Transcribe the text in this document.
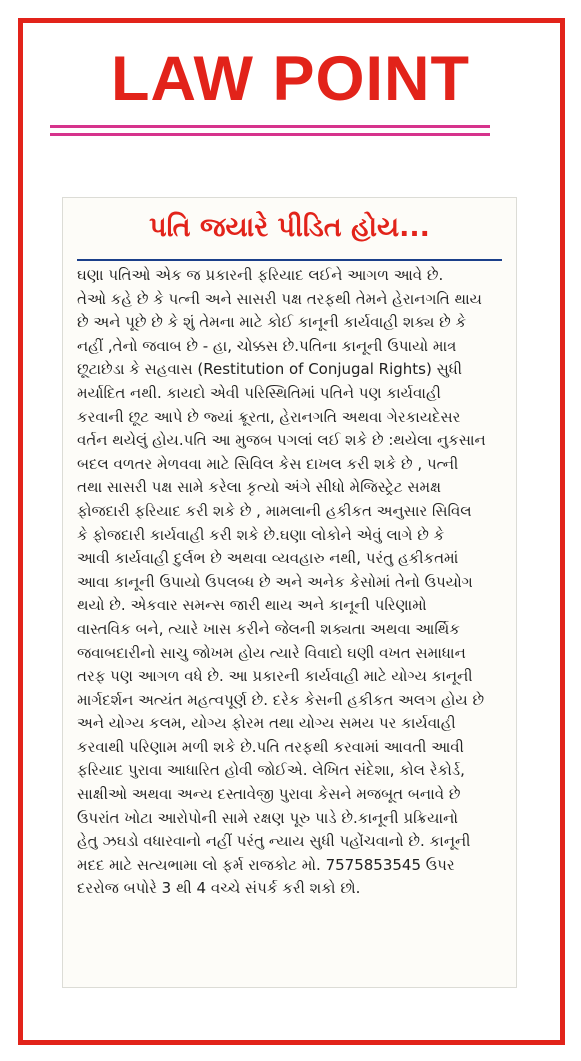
LAW POINT
પતિ જયારે પીડિત હોય...
ઘણા પતિઓ એક જ પ્રકારની ફરિયાદ લઈને આગળ આવે છે.
તેઓ કહે છે કે પત્ની અને સાસરી પક્ષ તરફથી તેમને હેરાનગતિ થાય
છે અને પૂછે છે કે શું તેમના માટે કોઈ કાનૂની કાર્યવાહી શક્ય છે કે
નહીં ,તેનો જવાબ છે - હા, ચોક્કસ છે.પતિના કાનૂની ઉપાયો માત્ર
છૂટાછેડા કે સહવાસ (Restitution of Conjugal Rights) સુધી
મર્યાદિત નથી. કાયદો એવી પરિસ્થિતિમાં પતિને પણ કાર્યવાહી
કરવાની છૂટ આપે છે જ્યાં ક્રૂરતા, હેરાનગતિ અથવા ગેરકાયદેસર
વર્તન થયેલું હોય.પતિ આ મુજબ પગલાં લઈ શકે છે :થયેલા નુકસાન
બદલ વળતર મેળવવા માટે સિવિલ કેસ દાખલ કરી શકે છે , પત્ની
તથા સાસરી પક્ષ સામે કરેલા કૃત્યો અંગે સીધો મેજિસ્ટ્રેટ સમક્ષ
ફોજદારી ફરિયાદ કરી શકે છે , મામલાની હકીકત અનુસાર સિવિલ
કે ફોજદારી કાર્યવાહી કરી શકે છે.ઘણા લોકોને એવું લાગે છે કે
આવી કાર્યવાહી દુર્લભ છે અથવા વ્યવહારુ નથી, પરંતુ હકીકતમાં
આવા કાનૂની ઉપાયો ઉપલબ્ધ છે અને અનેક કેસોમાં તેનો ઉપયોગ
થયો છે. એકવાર સમન્સ જારી થાય અને કાનૂની પરિણામો
વાસ્તવિક બને, ત્યારે ખાસ કરીને જેલની શક્યતા અથવા આર્થિક
જવાબદારીનો સાચુ જોખમ હોય ત્યારે વિવાદો ઘણી વખત સમાધાન
તરફ પણ આગળ વધે છે. આ પ્રકારની કાર્યવાહી માટે યોગ્ય કાનૂની
માર્ગદર્શન અત્યંત મહત્વપૂર્ણ છે. દરેક કેસની હકીકત અલગ હોય છે
અને યોગ્ય કલમ, યોગ્ય ફોરમ તથા યોગ્ય સમય પર કાર્યવાહી
કરવાથી પરિણામ મળી શકે છે.પતિ તરફથી કરવામાં આવતી આવી
ફરિયાદ પુરાવા આધારિત હોવી જોઈએ. લેખિત સંદેશા, કોલ રેકોર્ડ,
સાક્ષીઓ અથવા અન્ય દસ્તાવેજી પુરાવા કેસને મજબૂત બનાવે છે
ઉપરાંત ખોટા આરોપોની સામે રક્ષણ પૂરુ પાડે છે.કાનૂની પ્રક્રિયાનો
હેતુ ઝઘડો વધારવાનો નહીં પરંતુ ન્યાય સુધી પહોંચવાનો છે. કાનૂની
મદદ માટે સત્યભામા લો ફર્મ રાજકોટ મો. 7575853545 ઉપર
દરરોજ બપોરે 3 થી 4 વચ્ચે સંપર્ક કરી શકો છો.
